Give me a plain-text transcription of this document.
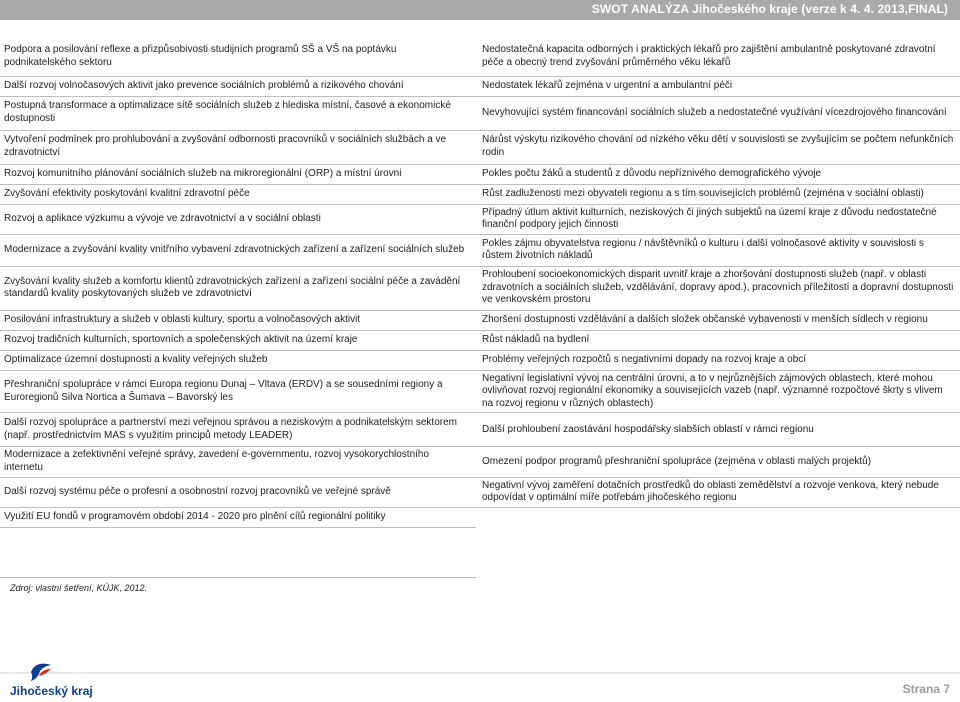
SWOT ANALÝZA Jihočeského kraje (verze k 4. 4. 2013,FINAL)
Podpora a posilování reflexe a přizpůsobivosti studijních programů SŠ a VŠ na poptávku podnikatelského sektoru	Nedostatečná kapacita odborných i praktických lékařů pro zajištění ambulantně poskytované zdravotní péče a obecný trend zvyšování průměrného věku lékařů
Další rozvoj volnočasových aktivit jako prevence sociálních problémů a rizikového chování	Nedostatek lékařů zejména v urgentní a ambulantní péči
Postupná transformace a optimalizace sítě sociálních služeb z hlediska místní, časové a ekonomické dostupnosti	Nevyhovující systém financování sociálních služeb a nedostatečné využívání vícezdrojového financování
Vytvoření podmínek pro prohlubování a zvyšování odbornosti pracovníků v sociálních službách a ve zdravotnictví	Nárůst výskytu rizikového chování od nízkého věku dětí v souvislosti se zvyšujícím se počtem nefunkčních rodin
Rozvoj komunitního plánování sociálních služeb na mikroregionální (ORP) a místní úrovni	Pokles počtu žáků a studentů z důvodu nepříznivého demografického vývoje
Zvyšování efektivity poskytování kvalitní zdravotní péče	Růst zadluženosti mezi obyvateli regionu a s tím souvisejících problémů (zejména v sociální oblasti)
Rozvoj a aplikace výzkumu a vývoje ve zdravotnictví a v sociální oblasti	Případný útlum aktivit kulturních, neziskových či jiných subjektů na území kraje z důvodu nedostatečné finanční podpory jejich činnosti
Modernizace a zvyšování kvality vnitřního vybavení zdravotnických zařízení a zařízení sociálních služeb	Pokles zájmu obyvatelstva regionu / návštěvníků o kulturu i další volnočasové aktivity v souvislosti s růstem životních nákladů
Zvyšování kvality služeb a komfortu klientů zdravotnických zařízení a zařízení sociální péče a zavádění standardů kvality poskytovaných služeb ve zdravotnictví	Prohloubení socioekonomických disparit uvnitř kraje a zhoršování dostupnosti služeb (např. v oblasti zdravotních a sociálních služeb, vzdělávání, dopravy apod.), pracovních příležitostí a dopravní dostupnosti ve venkovském prostoru
Posilování infrastruktury a služeb v oblasti kultury, sportu a volnočasových aktivit	Zhoršení dostupnosti vzdělávání a dalších složek občanské vybavenosti v menších sídlech v regionu
Rozvoj tradičních kulturních, sportovních a společenských aktivit na území kraje	Růst nákladů na bydlení
Optimalizace územní dostupnosti a kvality veřejných služeb	Problémy veřejných rozpočtů s negativními dopady na rozvoj kraje a obcí
Přeshraniční spolupráce v rámci Europa regionu Dunaj – Vltava (ERDV) a se sousedními regiony a Euroregionů Silva Nortica a Šumava – Bavorský les	Negativní legislativní vývoj na centrální úrovni, a to v nejrůznějších zájmových oblastech, které mohou ovlivňovat rozvoj regionální ekonomiky a souvisejících vazeb (např. významné rozpočtové škrty s vlivem na rozvoj regionu v různých oblastech)
Další rozvoj spolupráce a partnerství mezi veřejnou správou a neziskovým a podnikatelským sektorem (např. prostřednictvím MAS s využitím principů metody LEADER)	Další prohloubení zaostávání hospodářsky slabších oblastí v rámci regionu
Modernizace a zefektivnění veřejné správy, zavedení e-governmentu, rozvoj vysokorychlostního internetu	Omezení podpor programů přeshraniční spolupráce (zejména v oblasti malých projektů)
Další rozvoj systému péče o profesní a osobnostní rozvoj pracovníků ve veřejné správě	Negativní vývoj zaměření dotačních prostředků do oblasti zemědělství a rozvoje venkova, který nebude odpovídat v optimální míře potřebám jihočeského regionu
Využití EU fondů v programovém období 2014 - 2020 pro plnění cílů regionální politiky	
Zdroj: vlastní šetření, KÚJK, 2012.
Jihočeský kraj	Strana 7
